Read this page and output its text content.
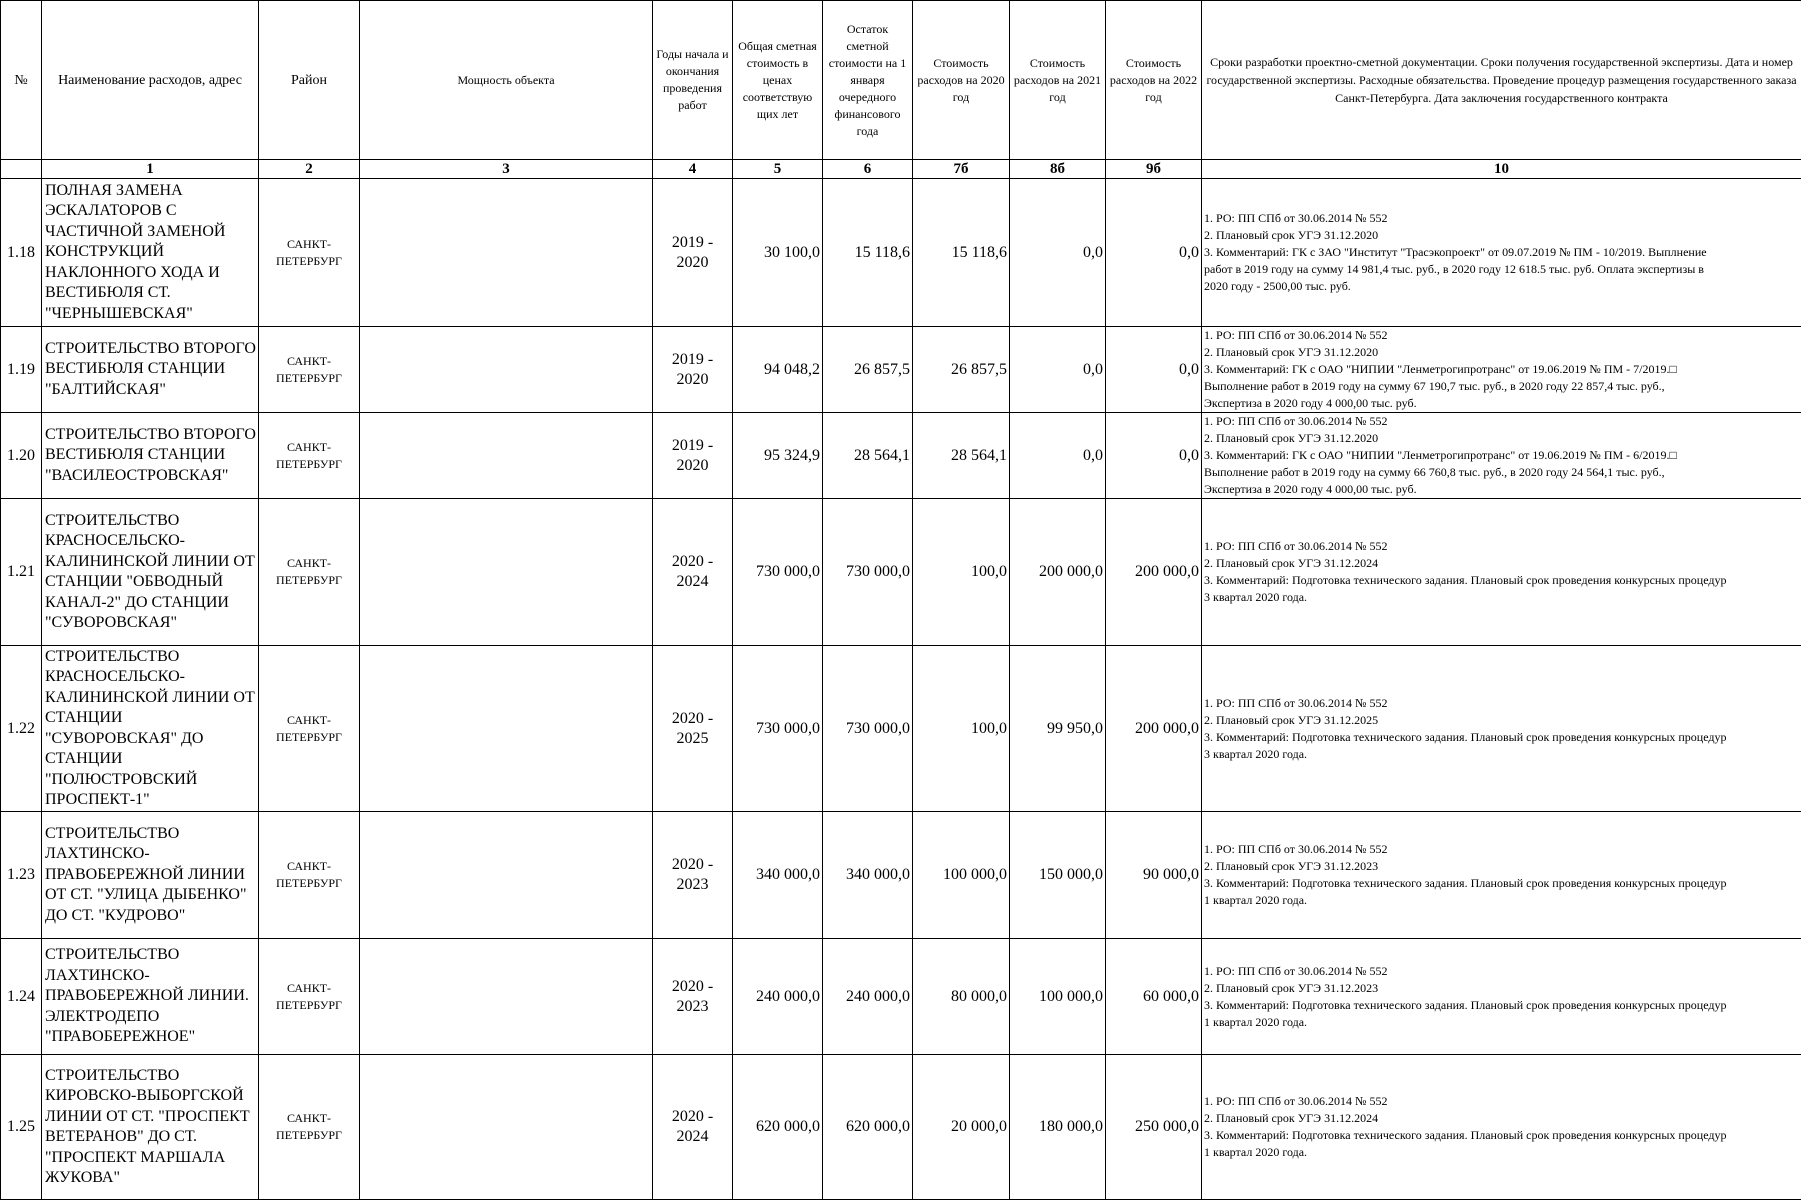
№	Наименование расходов, адрес	Район	Мощность объекта	Годы начала и окончания проведения работ	Общая сметная стоимость в ценах соответствую щих лет	Остаток сметной стоимости на 1 января очередного финансового года	Стоимость расходов на 2020 год	Стоимость расходов на 2021 год	Стоимость расходов на 2022 год	Сроки разработки проектно-сметной документации. Сроки получения государственной экспертизы. Дата и номер государственной экспертизы. Расходные обязательства. Проведение процедур размещения государственного заказа Санкт-Петербурга. Дата заключения государственного контракта
	1	2	3	4	5	6	7б	8б	9б	10
1.18	ПОЛНАЯ ЗАМЕНА ЭСКАЛАТОРОВ С ЧАСТИЧНОЙ ЗАМЕНОЙ КОНСТРУКЦИЙ НАКЛОННОГО ХОДА И ВЕСТИБЮЛЯ СТ. "ЧЕРНЫШЕВСКАЯ"	САНКТ-ПЕТЕРБУРГ		2019 - 2020	30 100,0	15 118,6	15 118,6	0,0	0,0	1. РО: ПП СПб от 30.06.2014 № 552
2. Плановый срок УГЭ 31.12.2020
3. Комментарий: ГК с ЗАО "Институт "Трасэкопроект" от 09.07.2019 № ПМ - 10/2019. Выплнение
работ в 2019 году на сумму 14 981,4 тыс. руб., в 2020 году 12 618.5 тыс. руб. Оплата экспертизы в
2020 году - 2500,00 тыс. руб.

1.19	СТРОИТЕЛЬСТВО ВТОРОГО ВЕСТИБЮЛЯ СТАНЦИИ "БАЛТИЙСКАЯ"	САНКТ-ПЕТЕРБУРГ		2019 - 2020	94 048,2	26 857,5	26 857,5	0,0	0,0	1. РО: ПП СПб от 30.06.2014 № 552
2. Плановый срок УГЭ 31.12.2020
3. Комментарий: ГК с ОАО "НИПИИ "Ленметрогипротранс" от 19.06.2019 № ПМ - 7/2019.□
Выполнение работ в 2019 году на сумму 67 190,7 тыс. руб., в 2020 году 22 857,4 тыс. руб.,
Экспертиза в 2020 году 4 000,00 тыс. руб.

1.20	СТРОИТЕЛЬСТВО ВТОРОГО ВЕСТИБЮЛЯ СТАНЦИИ "ВАСИЛЕОСТРОВСКАЯ"	САНКТ-ПЕТЕРБУРГ		2019 - 2020	95 324,9	28 564,1	28 564,1	0,0	0,0	1. РО: ПП СПб от 30.06.2014 № 552
2. Плановый срок УГЭ 31.12.2020
3. Комментарий: ГК с ОАО "НИПИИ "Ленметрогипротранс" от 19.06.2019 № ПМ - 6/2019.□
Выполнение работ в 2019 году на сумму 66 760,8 тыс. руб., в 2020 году 24 564,1 тыс. руб.,
Экспертиза в 2020 году 4 000,00 тыс. руб.

1.21	СТРОИТЕЛЬСТВО КРАСНОСЕЛЬСКО-КАЛИНИНСКОЙ ЛИНИИ ОТ СТАНЦИИ "ОБВОДНЫЙ КАНАЛ-2" ДО СТАНЦИИ "СУВОРОВСКАЯ"	САНКТ-ПЕТЕРБУРГ		2020 - 2024	730 000,0	730 000,0	100,0	200 000,0	200 000,0	1. РО: ПП СПб от 30.06.2014 № 552
2. Плановый срок УГЭ 31.12.2024
3. Комментарий: Подготовка технического задания. Плановый срок проведения конкурсных процедур
3 квартал 2020 года.

1.22	СТРОИТЕЛЬСТВО КРАСНОСЕЛЬСКО-КАЛИНИНСКОЙ ЛИНИИ ОТ СТАНЦИИ "СУВОРОВСКАЯ" ДО СТАНЦИИ "ПОЛЮСТРОВСКИЙ ПРОСПЕКТ-1"	САНКТ-ПЕТЕРБУРГ		2020 - 2025	730 000,0	730 000,0	100,0	99 950,0	200 000,0	1. РО: ПП СПб от 30.06.2014 № 552
2. Плановый срок УГЭ 31.12.2025
3. Комментарий: Подготовка технического задания. Плановый срок проведения конкурсных процедур
3 квартал 2020 года.

1.23	СТРОИТЕЛЬСТВО ЛАХТИНСКО-ПРАВОБЕРЕЖНОЙ ЛИНИИ ОТ СТ. "УЛИЦА ДЫБЕНКО" ДО СТ. "КУДРОВО"	САНКТ-ПЕТЕРБУРГ		2020 - 2023	340 000,0	340 000,0	100 000,0	150 000,0	90 000,0	1. РО: ПП СПб от 30.06.2014 № 552
2. Плановый срок УГЭ 31.12.2023
3. Комментарий: Подготовка технического задания. Плановый срок проведения конкурсных процедур
1 квартал 2020 года.

1.24	СТРОИТЕЛЬСТВО ЛАХТИНСКО-ПРАВОБЕРЕЖНОЙ ЛИНИИ. ЭЛЕКТРОДЕПО "ПРАВОБЕРЕЖНОЕ"	САНКТ-ПЕТЕРБУРГ		2020 - 2023	240 000,0	240 000,0	80 000,0	100 000,0	60 000,0	1. РО: ПП СПб от 30.06.2014 № 552
2. Плановый срок УГЭ 31.12.2023
3. Комментарий: Подготовка технического задания. Плановый срок проведения конкурсных процедур
1 квартал 2020 года.

1.25	СТРОИТЕЛЬСТВО КИРОВСКО-ВЫБОРГСКОЙ ЛИНИИ ОТ СТ. "ПРОСПЕКТ ВЕТЕРАНОВ" ДО СТ. "ПРОСПЕКТ МАРШАЛА ЖУКОВА"	САНКТ-ПЕТЕРБУРГ		2020 - 2024	620 000,0	620 000,0	20 000,0	180 000,0	250 000,0	1. РО: ПП СПб от 30.06.2014 № 552
2. Плановый срок УГЭ 31.12.2024
3. Комментарий: Подготовка технического задания. Плановый срок проведения конкурсных процедур
1 квартал 2020 года.
